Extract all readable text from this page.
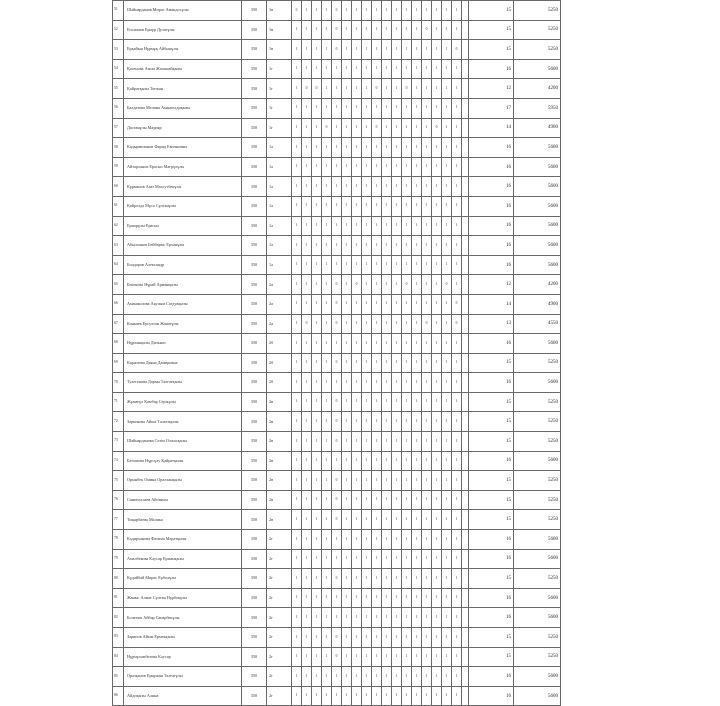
51	Шайнарданов Мирас Амандосұлы	350	1в	0	1	1	1	0	1	1	1	1	1	1	1	1	1	1	1	1		15	5250
52	Еголинов Ернұр Дулатұлы	350	1в	1	1	1	1	0	1	1	1	1	1	1	1	1	0	1	1	1		15	5250
53	Ерқайын Нұрмұқ Айбынұлы	350	1в	1	1	1	1	0	1	1	1	1	1	1	1	1	1	1	1	0		15	5250
54	Қасенова Азиза Жасынайқызы	350	1г	1	1	1	1	1	1	1	1	1	1	1	1	1	1	1	1	1		16	5600
55	Қайратқызы Тоғжан	350	1г	1	0	0	1	1	1	1	1	0	1	1	0	1	1	1	1	1		12	4200
56	Балдатова Мелина Амангелдиқызы	350	1г	1	1	1	1	1	1	1	1	1	1	1	1	1	1	1	1	1		17	5950
57	Дастанұлы Мадияр	350	1г	1	1	1	0	1	1	1	1	0	1	1	1	1	1	0	1	1		14	4900
58	Кадырмизанов Фарид Евгеньевич	350	1ә	1	1	1	1	1	1	1	1	1	1	1	1	1	1	1	1	1		16	5600
59	Айтарханов Ерасыл Мағрұлұлы	350	1ә	1	1	1	1	1	1	1	1	1	1	1	1	1	1	1	1	1		16	5600
60	Кұрманов Азат Махсутбекұлы	350	1ә	1	1	1	1	1	1	1	1	1	1	1	1	1	1	1	1	1		16	5600
61	Қайролда Мұса Сұлтанұлы	350	1ә	1	1	1	1	1	1	1	1	1	1	1	1	1	1	1	1	1		16	5600
62	Ернарұлы Ерасыл	350	1ә	1	1	1	1	1	1	1	1	1	1	1	1	1	1	1	1	1		16	5600
63	Абылханов Бейбарыс Ерханұлы	350	1ә	1	1	1	1	1	1	1	1	1	1	1	1	1	1	1	1	1		16	5600
64	Бондаров Александр	350	1ә	1	1	1	1	1	1	1	1	1	1	1	1	1	1	1	1	1		16	5600
65	Бекенова Нұрай Арманқызы	350	2а	1	1	1	1	0	1	0	1	1	1	1	0	1	1	1	0	1		12	4200
66	Аманжолова Аяулым Сагдуақызы	350	2а	1	1	1	1	0	1	1	1	1	1	1	1	1	1	1	1	0		14	4900
67	Конкаев Ерсултан Жанатұлы	350	2а	1	0	1	1	0	1	1	1	1	1	1	1	1	0	1	1	0		13	4550
68	Нұрланқызы Дильназ	350	2б	1	1	1	1	1	1	1	1	1	1	1	1	1	1	1	1	1		16	5600
69	Карагаева Даяна Дамировна	350	2б	1	1	1	1	0	1	1	1	1	1	1	1	1	1	1	1	1		15	5250
70	Тулегенова Дарын Талғатқызы	350	2б	1	1	1	1	1	1	1	1	1	1	1	1	1	1	1	1	1		16	5600
71	Жұмағұл Қамбар Серікұлы	350	2в	1	1	1	1	0	1	1	1	1	1	1	1	1	1	1	1	1		15	5250
72	Заркенова Айша Талғатқызы	350	2в	1	1	1	1	0	1	1	1	1	1	1	1	1	1	1	1	1		15	5250
73	Шайнарданова Сезім Олжасқызы	350	2в	1	1	1	1	0	1	1	1	1	1	1	1	1	1	1	1	1		15	5250
74	Баташова Нұрсұлу Қайратқызы	350	2в	1	1	1	1	1	1	1	1	1	1	1	1	1	1	1	1	1		16	5600
75	Орынбек Омина Оралханқызы	350	2в	1	1	1	1	0	1	1	1	1	1	1	1	1	1	1	1	1		15	5250
76	Самиғоллаев Айганым	350	2в	1	1	1	1	0	1	1	1	1	1	1	1	1	1	1	1	1		15	5250
77	Тоқырбаева Малика	350	2в	1	1	1	1	0	1	1	1	1	1	1	1	1	1	1	1	1		15	5250
78	Кадирханова Фатима Маратқызы	350	2г	1	1	1	1	1	1	1	1	1	1	1	1	1	1	1	1	1		16	5600
79	Амалбекова Кәусар Ержанқызы	350	2г	1	1	1	1	1	1	1	1	1	1	1	1	1	1	1	1	1		16	5600
80	Кұдайбай Мирас Ерболұлы	350	2г	1	1	1	1	0	1	1	1	1	1	1	1	1	1	1	1	1		15	5250
81	Жаныс Алмат Сұлтан Нұрбекұлы	350	2г	1	1	1	1	1	1	1	1	1	1	1	1	1	1	1	1	1		16	5600
82	Болаташ Айбар Сапарбекұлы	350	2г	1	1	1	1	1	1	1	1	1	1	1	1	1	1	1	1	1		16	5600
83	Зарипов Айым Ермекқызы	350	2г	1	1	1	1	0	1	1	1	1	1	1	1	1	1	1	1	1		15	5250
84	Нұрмұхамбетова Кәусар	350	2г	1	1	1	1	0	1	1	1	1	1	1	1	1	1	1	1	1		15	5250
85	Оразқанов Ернұжан Талғатұлы	350	2г	1	1	1	1	1	1	1	1	1	1	1	1	1	1	1	1	1		16	5600
86	Айдоқызы Алина	350	2г	1	1	1	1	1	1	1	1	1	1	1	1	1	1	1	1	1		16	5600
